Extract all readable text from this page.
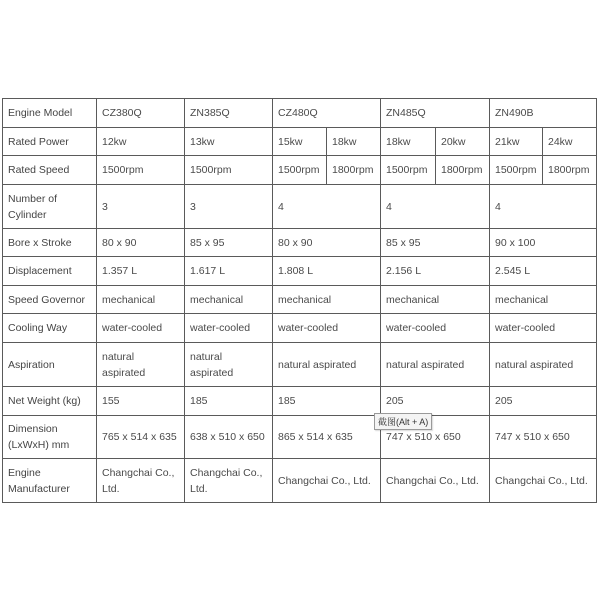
Engine Model	CZ380Q	ZN385Q	CZ480Q		ZN485Q		ZN490B	
Rated Power	12kw	13kw	15kw	18kw	18kw	20kw	21kw	24kw
Rated Speed	1500rpm	1500rpm	1500rpm	1800rpm	1500rpm	1800rpm	1500rpm	1800rpm
Number of Cylinder	3	3	4		4		4	
Bore x Stroke	80 x 90	85 x 95	80 x 90		85 x 95		90 x 100	
Displacement	1.357 L	1.617 L	1.808 L		2.156 L		2.545 L	
Speed Governor	mechanical	mechanical	mechanical		mechanical		mechanical	
Cooling Way	water-cooled	water-cooled	water-cooled		water-cooled		water-cooled	
Aspiration	natural aspirated	natural aspirated	natural aspirated		natural aspirated		natural aspirated	
Net Weight (kg)	155	185	185		205		205	
Dimension (LxWxH) mm	765 x 514 x 635	638 x 510 x 650	865 x 514 x 635		747 x 510 x 650		747 x 510 x 650	
Engine Manufacturer	Changchai Co., Ltd.	Changchai Co., Ltd.	Changchai Co., Ltd.		Changchai Co., Ltd.		Changchai Co., Ltd.	
截图(Alt + A)
